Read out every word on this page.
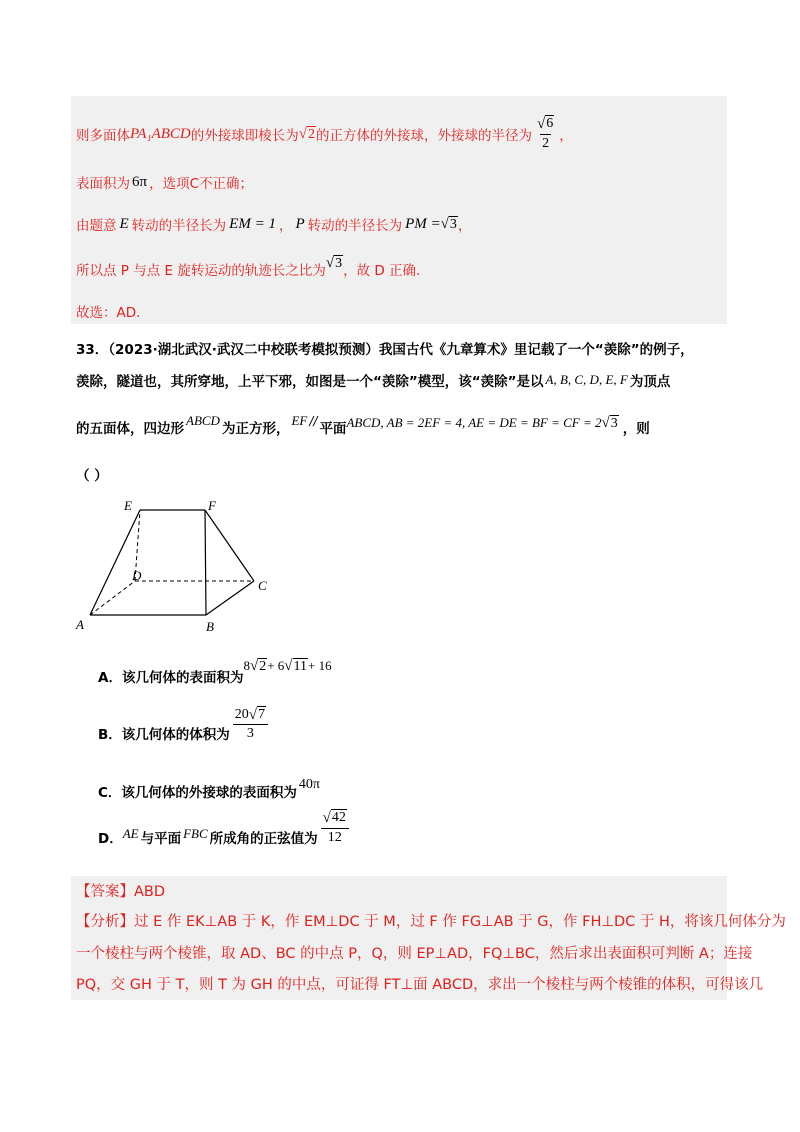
则多面体 PA₁ABCD 的外接球即棱长为 √ 2 的正方体的外接球，外接球的半径为 $\frac{√ 6}{2}$ ，
表面积为 6π ，选项C不正确；
由题意 E 转动的半径长为 EM = 1 ， P 转动的半径长为 PM = √ 3 ，
所以点 P 与点 E 旋转运动的轨迹长之比为
√ 3 ，故 D 正确.
故选：AD.
33．（2023·湖北武汉·武汉二中校联考模拟预测）我国古代《九章算术》里记载了一个“羡除”的例子，
羡除，隧道也，其所穿地，上平下邪，如图是一个“羡除”模型，该“羡除”是以 A, B, C, D, E, F 为顶点
的五面体，四边形
ABCD
为正方形，
EF // 平面 ABCD, AB = 2EF = 4, AE = DE = BF = CF = 2 √ 3 ，则
（ ）
E	F
D
C
A	B
A．该几何体的表面积为
8 √ 2 + 6 √ 11 + 16
B．该几何体的体积为 $\frac{20 √ 7}{3}$
C．该几何体的外接球的表面积为
40π
D． AE 与平面 FBC 所成角的正弦值为 $\frac{√ 42}{12}$
【答案】ABD
【分析】过 E 作 EK⊥AB 于 K，作 EM⊥DC 于 M，过 F 作 FG⊥AB 于 G，作 FH⊥DC 于 H，将该几何体分为
一个棱柱与两个棱锥，取 AD、BC 的中点 P，Q，则 EP⊥AD，FQ⊥BC，然后求出表面积可判断 A；连接
PQ，交 GH 于 T，则 T 为 GH 的中点，可证得 FT⊥面 ABCD，求出一个棱柱与两个棱锥的体积，可得该几
